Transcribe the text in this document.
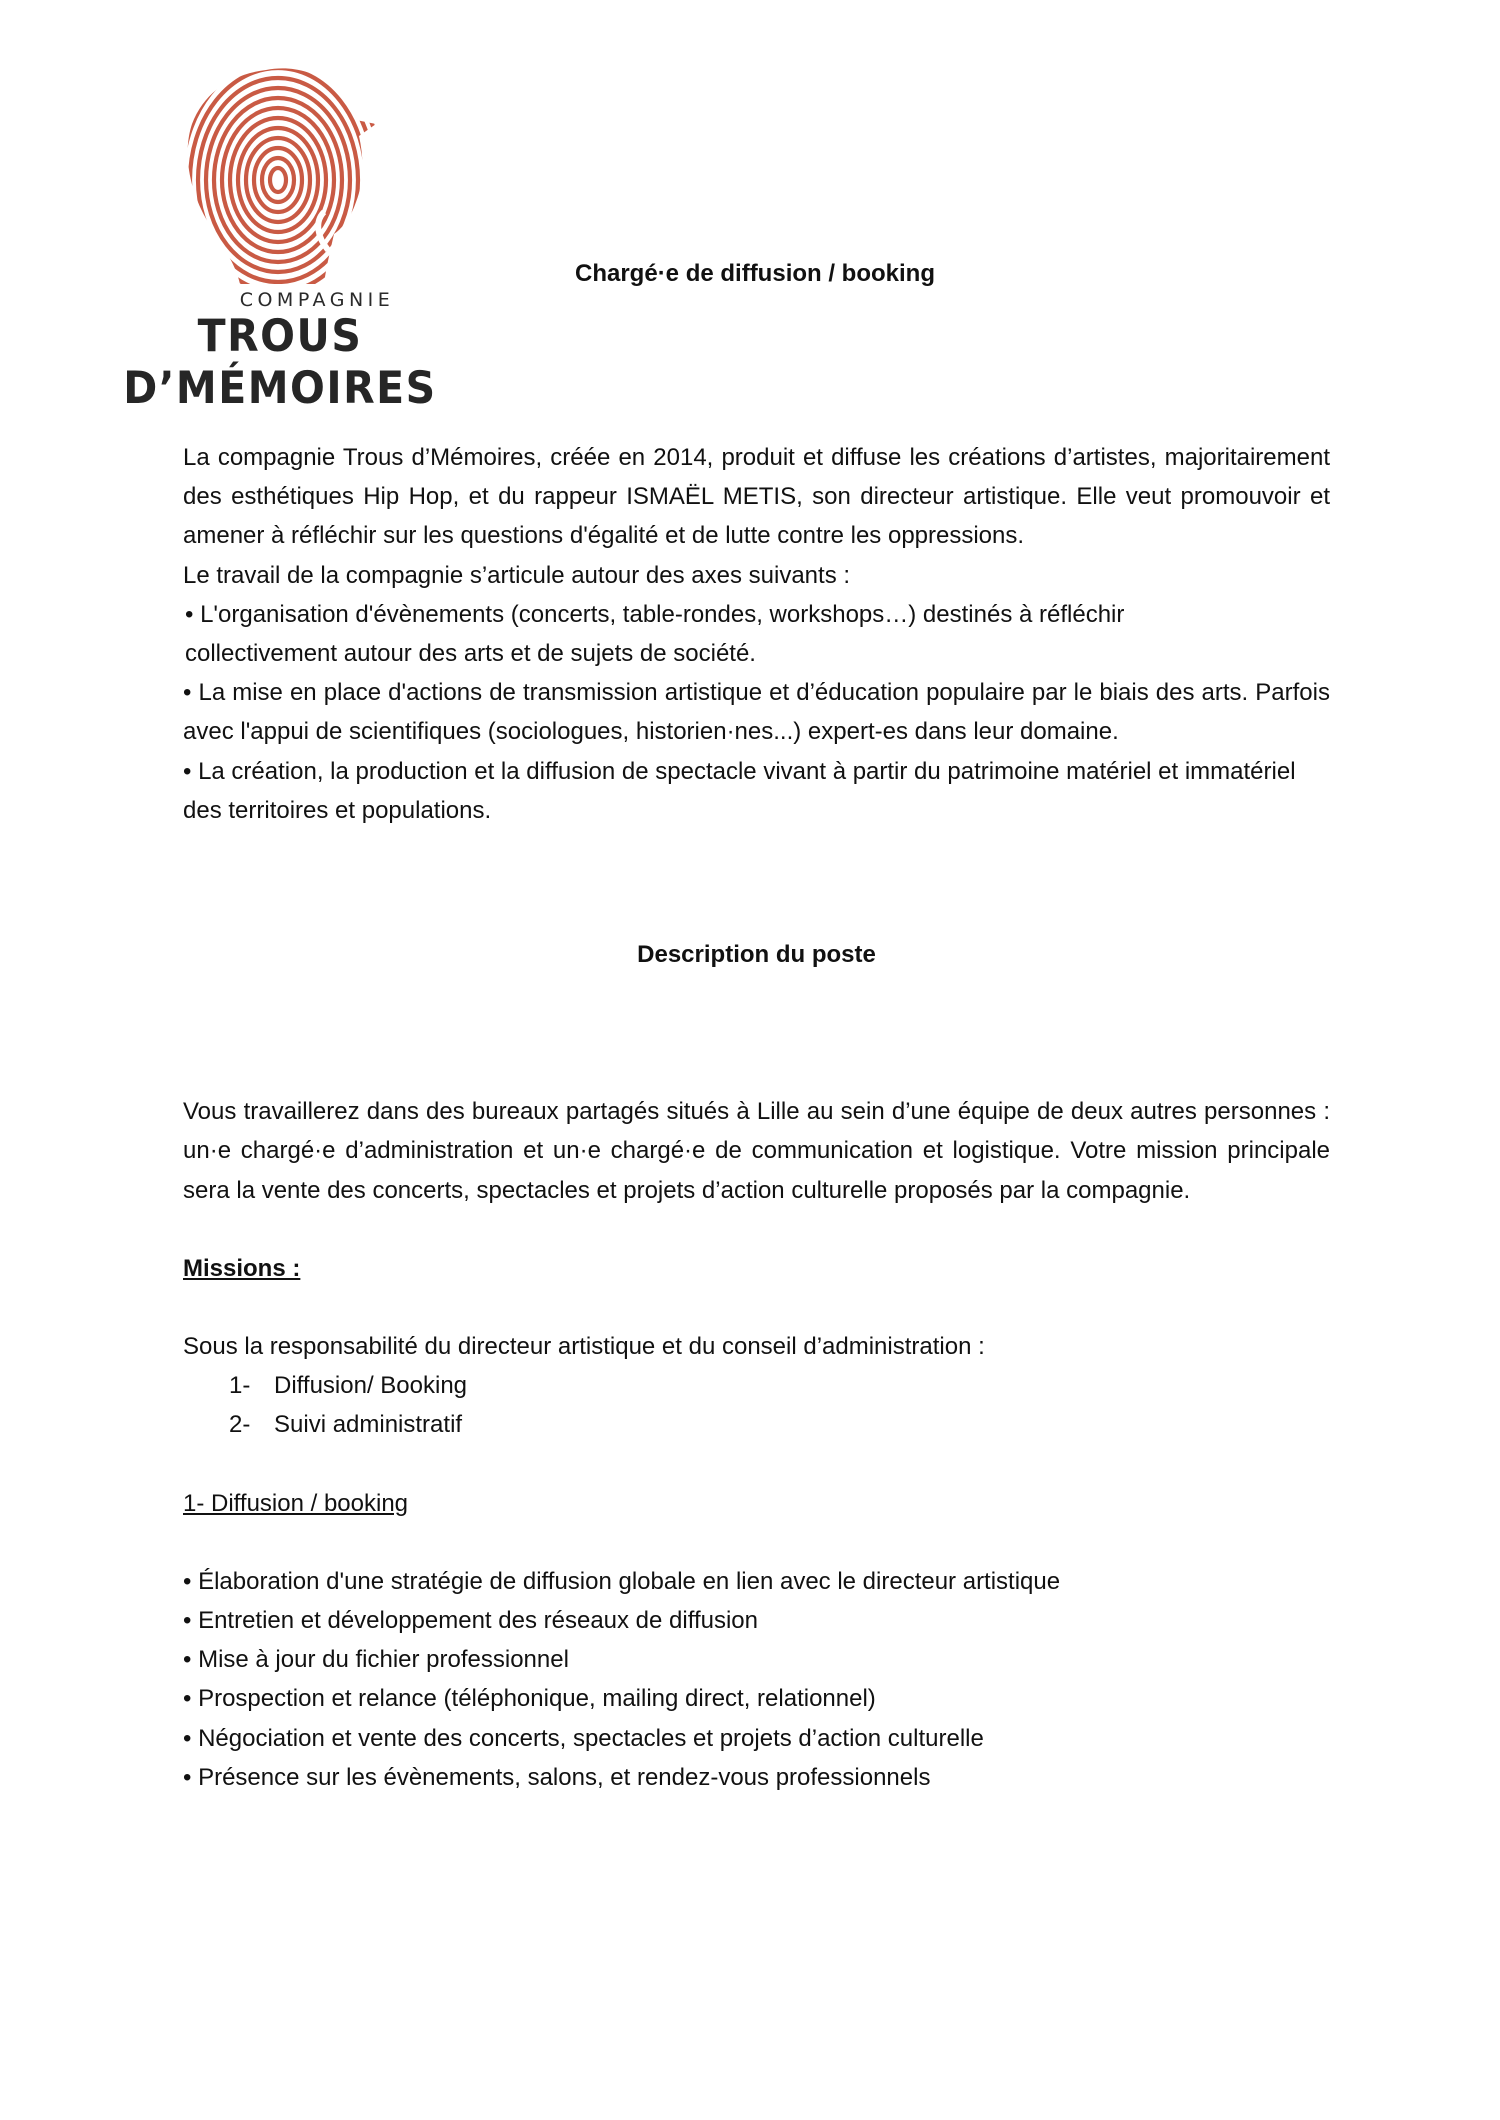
COMPAGNIE
TROUS D’MÉMOIRES
Chargé·e de diffusion / booking

La compagnie Trous d’Mémoires, créée en 2014, produit et diffuse les créations d’artistes, majoritairement des esthétiques Hip Hop, et du rappeur ISMAËL METIS, son directeur artistique. Elle veut promouvoir et amener à réfléchir sur les questions d'égalité et de lutte contre les oppressions.

Le travail de la compagnie s’articule autour des axes suivants :

• L'organisation d'évènements (concerts, table-rondes, workshops…) destinés à réfléchir

collectivement autour des arts et de sujets de société.

• La mise en place d'actions de transmission artistique et d’éducation populaire par le biais des arts. Parfois avec l'appui de scientifiques (sociologues, historien·nes...) expert-es dans leur domaine.

• La création, la production et la diffusion de spectacle vivant à partir du patrimoine matériel et immatériel des territoires et populations.

Description du poste

Vous travaillerez dans des bureaux partagés situés à Lille au sein d’une équipe de deux autres personnes : un·e chargé·e d’administration et un·e chargé·e de communication et logistique. Votre mission principale sera la vente des concerts, spectacles et projets d’action culturelle proposés par la compagnie.

Missions :

Sous la responsabilité du directeur artistique et du conseil d’administration :

1- Diffusion/ Booking

2- Suivi administratif

1- Diffusion / booking

• Élaboration d'une stratégie de diffusion globale en lien avec le directeur artistique

• Entretien et développement des réseaux de diffusion

• Mise à jour du fichier professionnel

• Prospection et relance (téléphonique, mailing direct, relationnel)

• Négociation et vente des concerts, spectacles et projets d’action culturelle

• Présence sur les évènements, salons, et rendez-vous professionnels
